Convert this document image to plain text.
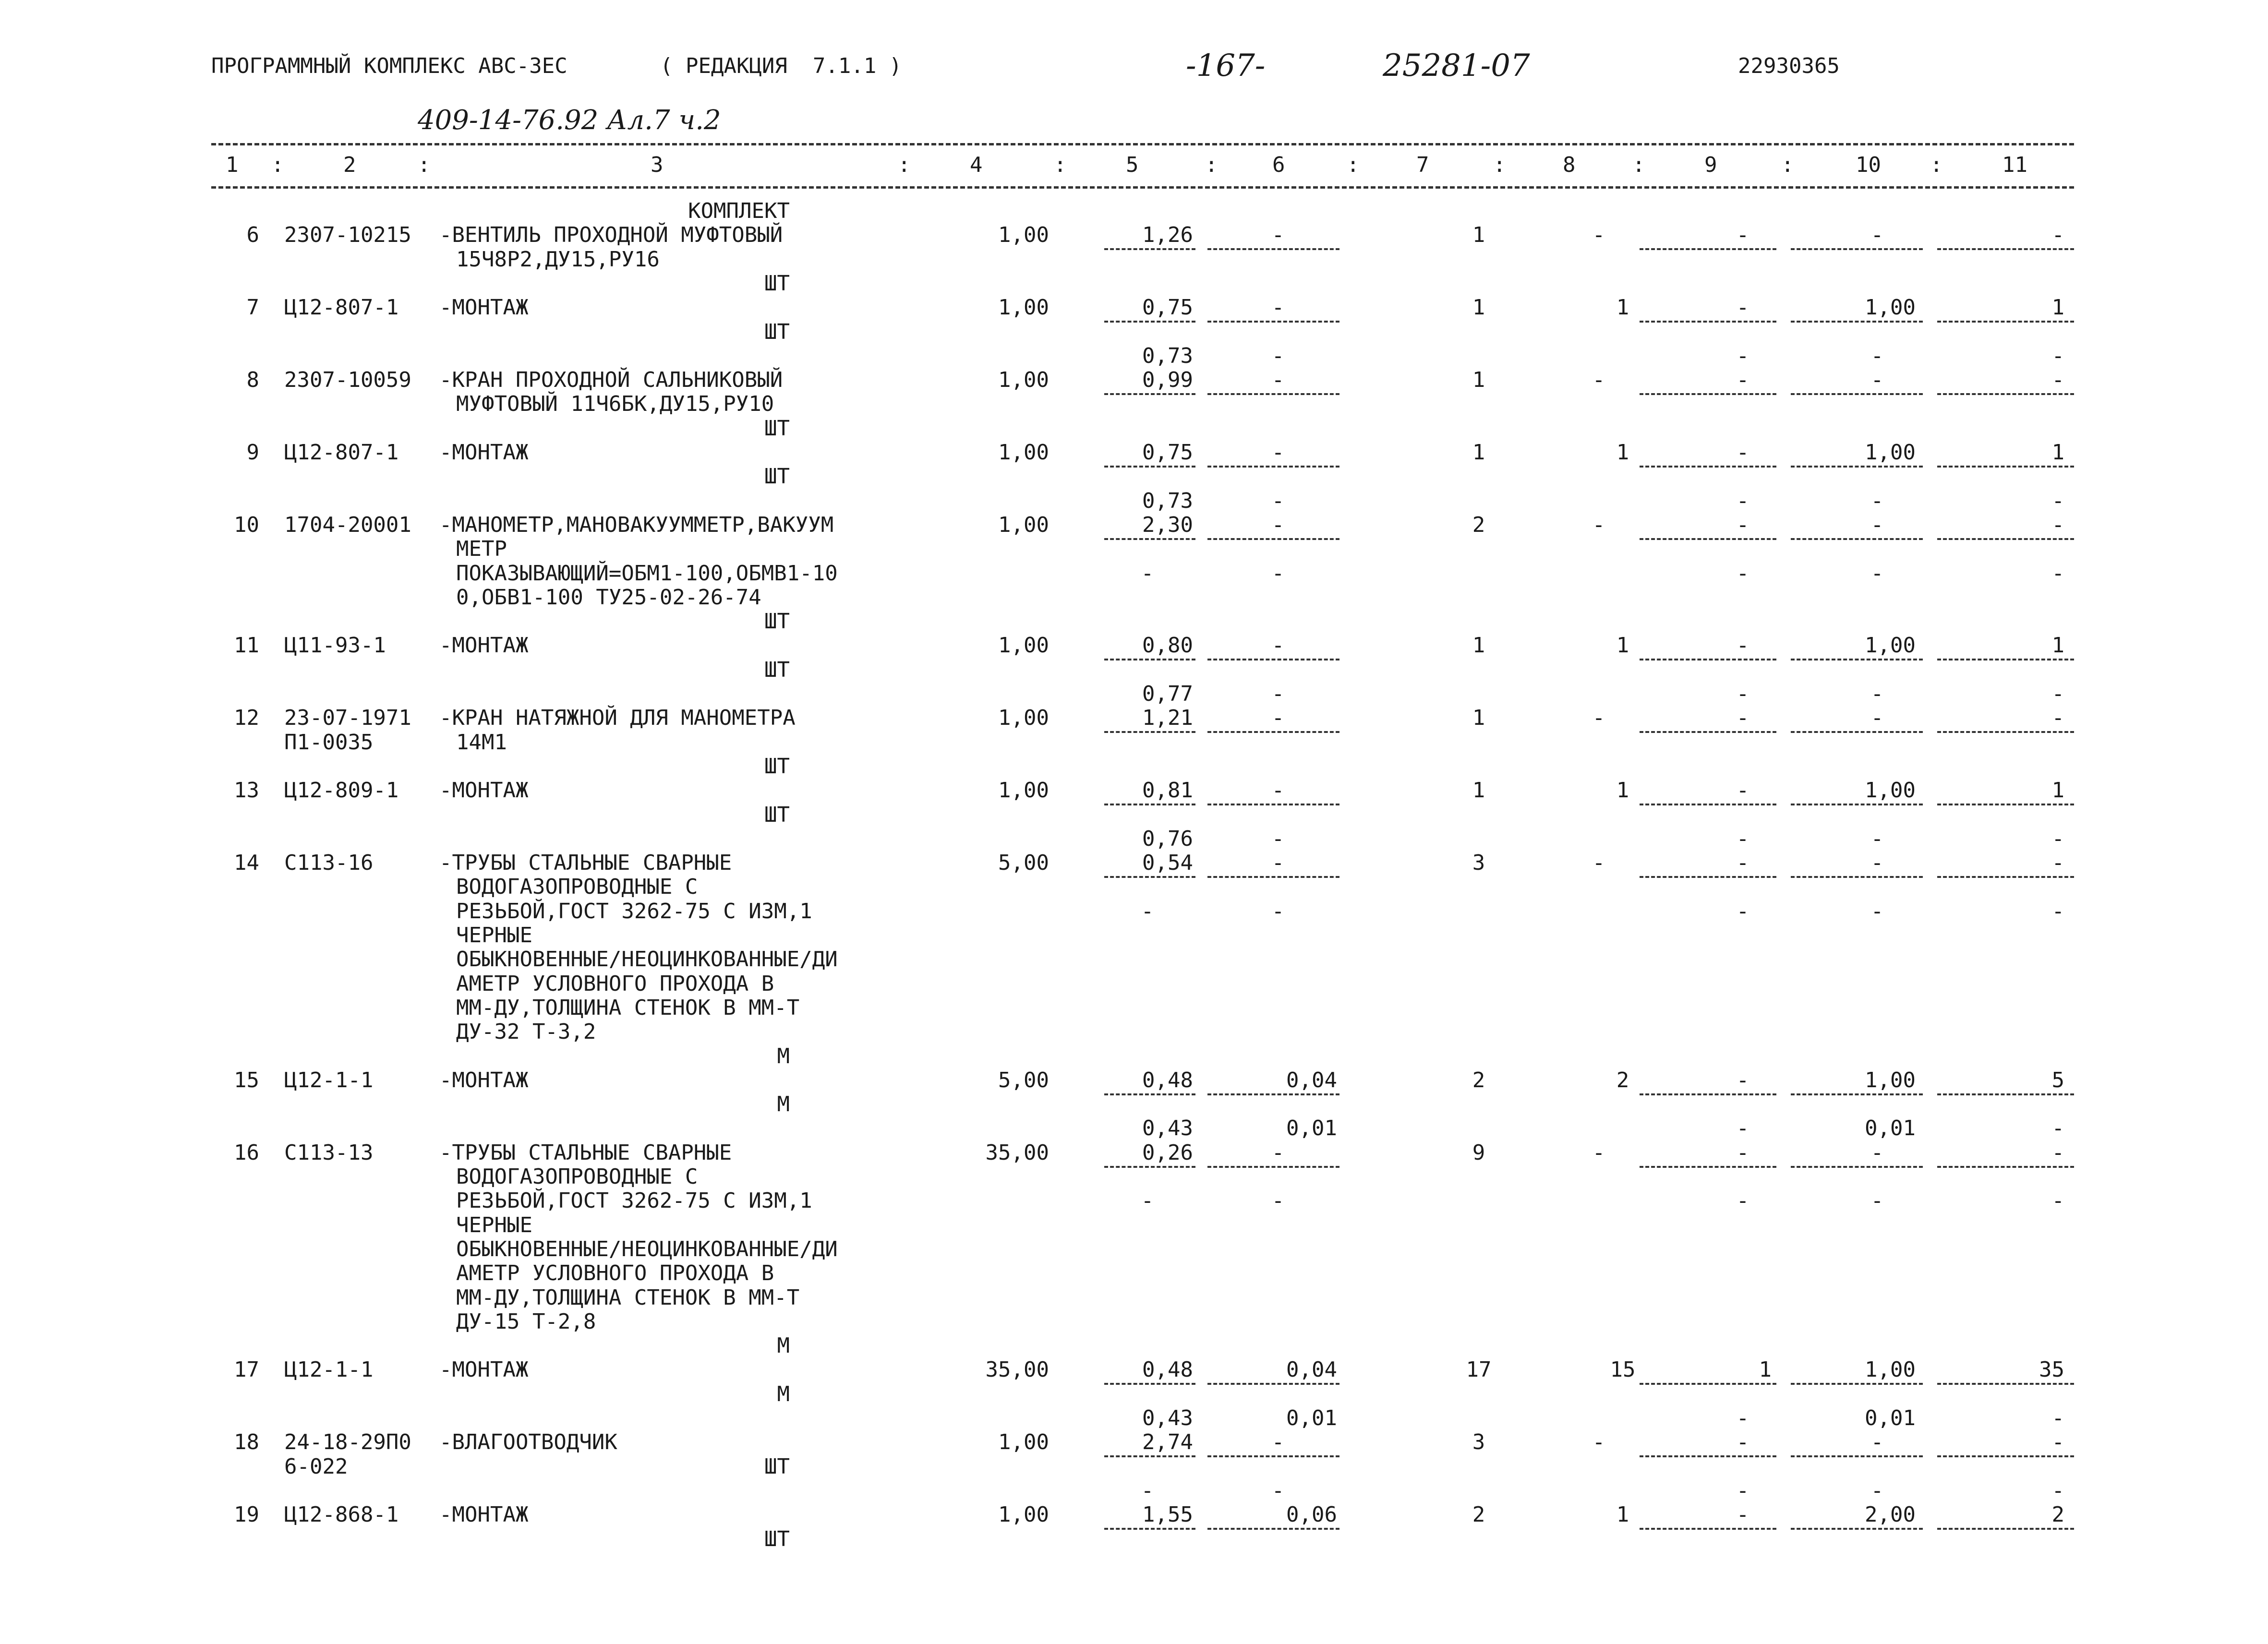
ПРОГРАММНЫЙ КОМПЛЕКС АВС-3ЕС	( РЕДАКЦИЯ  7.1.1 )	-167-	25281-07	22930365
409-14-76.92 Ал.7 ч.2
1	2	3	4	5	6	7	8	9	10	11
:	:	:	:	:	:	:	:	:	:
КОМПЛЕКТ
6 2307-10215 -ВЕНТИЛЬ ПРОХОДНОЙ МУФТОВЫЙ	1,00	1,26	-	1	-	-	-	-
15Ч8Р2,ДУ15,РУ16
ШТ
7 Ц12-807-1 -МОНТАЖ	1,00	0,75	-	1	1	-	1,00	1
ШТ
0,73	-	-	-	-
8 2307-10059 -КРАН ПРОХОДНОЙ САЛЬНИКОВЫЙ	1,00	0,99	-	1	-	-	-	-
МУФТОВЫЙ 11Ч6БК,ДУ15,РУ10
ШТ
9 Ц12-807-1 -МОНТАЖ	1,00	0,75	-	1	1	-	1,00	1
ШТ
0,73	-	-	-	-
10 1704-20001 -МАНОМЕТР,МАНОВАКУУММЕТР,ВАКУУМ	1,00	2,30	-	2	-	-	-	-
МЕТР
ПОКАЗЫВАЮЩИЙ=ОБМ1-100,ОБМВ1-10	-	-	-	-	-
0,ОБВ1-100 ТУ25-02-26-74
ШТ
11 Ц11-93-1	-МОНТАЖ	1,00	0,80	-	1	1	-	1,00	1
ШТ
0,77	-	-	-	-
12 23-07-1971 -КРАН НАТЯЖНОЙ ДЛЯ МАНОМЕТРА	1,00	1,21	-	1	-	-	-	-
П1-0035	14М1
ШТ
13 Ц12-809-1 -МОНТАЖ	1,00	0,81	-	1	1	-	1,00	1
ШТ
0,76	-	-	-	-
14 С113-16	-ТРУБЫ СТАЛЬНЫЕ СВАРНЫЕ	5,00	0,54	-	3	-	-	-	-
ВОДОГАЗОПРОВОДНЫЕ С
РЕЗЬБОЙ,ГОСТ 3262-75 С ИЗМ,1	-	-	-	-	-
ЧЕРНЫЕ
ОБЫКНОВЕННЫЕ/НЕОЦИНКОВАННЫЕ/ДИ
АМЕТР УСЛОВНОГО ПРОХОДА В
ММ-ДУ,ТОЛЩИНА СТЕНОК В ММ-Т
ДУ-32 Т-3,2
М
15 Ц12-1-1	-МОНТАЖ	5,00	0,48	0,04	2	2	-	1,00	5
М
0,43	0,01	-	0,01	-
16 С113-13	-ТРУБЫ СТАЛЬНЫЕ СВАРНЫЕ	35,00	0,26	-	9	-	-	-	-
ВОДОГАЗОПРОВОДНЫЕ С
РЕЗЬБОЙ,ГОСТ 3262-75 С ИЗМ,1	-	-	-	-	-
ЧЕРНЫЕ
ОБЫКНОВЕННЫЕ/НЕОЦИНКОВАННЫЕ/ДИ
АМЕТР УСЛОВНОГО ПРОХОДА В
ММ-ДУ,ТОЛЩИНА СТЕНОК В ММ-Т
ДУ-15 Т-2,8
М
17 Ц12-1-1	-МОНТАЖ	35,00	0,48	0,04	17	15	1	1,00	35
М
0,43	0,01	-	0,01	-
18 24-18-29П0 -ВЛАГООТВОДЧИК	1,00	2,74	-	3	-	-	-	-
6-022	ШТ
-	-	-	-	-
19 Ц12-868-1 -МОНТАЖ	1,00	1,55	0,06	2	1	-	2,00	2
ШТ
